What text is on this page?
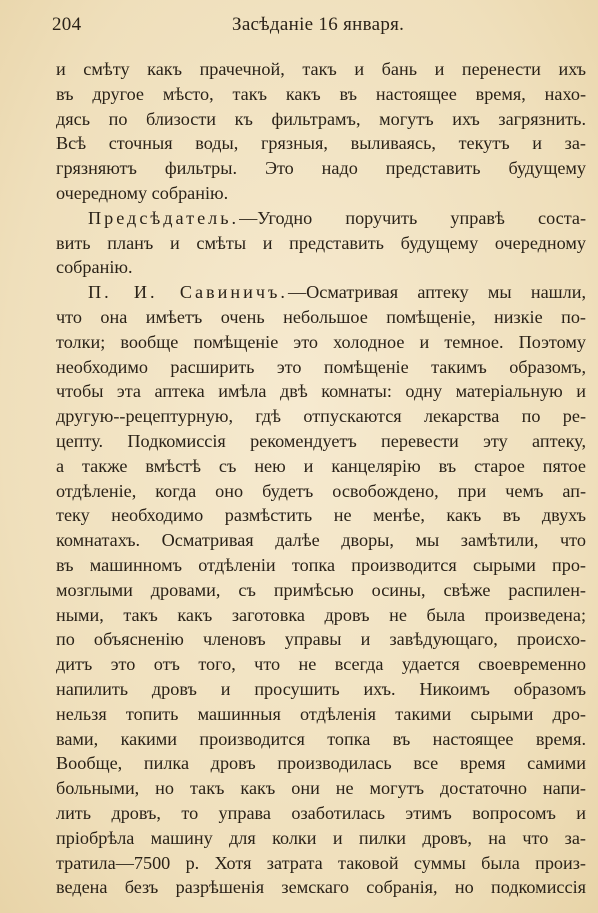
204	Засѣданіе 16 января.
и смѣту какъ прачечной, такъ и бань и перенести ихъ
въ другое мѣсто, такъ какъ въ настоящее время, нахо-
дясь по близости къ фильтрамъ, могутъ ихъ загрязнить.
Всѣ сточныя воды, грязныя, выливаясь, текутъ и за-
грязняютъ фильтры. Это надо представить будущему
очередному собранію.
Предсѣдатель.—Угодно поручить управѣ соста-
вить планъ и смѣты и представить будущему очередному
собранію.
П. И. Савиничъ.—Осматривая аптеку мы нашли,
что она имѣетъ очень небольшое помѣщеніе, низкіе по-
толки; вообще помѣщеніе это холодное и темное. Поэтому
необходимо расширить это помѣщеніе такимъ образомъ,
чтобы эта аптека имѣла двѣ комнаты: одну матеріальную и
другую--рецептурную, гдѣ отпускаются лекарства по ре-
цепту. Подкомиссія рекомендуетъ перевести эту аптеку,
а также вмѣстѣ съ нею и канцелярію въ старое пятое
отдѣленіе, когда оно будетъ освобождено, при чемъ ап-
теку необходимо размѣстить не менѣе, какъ въ двухъ
комнатахъ. Осматривая далѣе дворы, мы замѣтили, что
въ машинномъ отдѣленіи топка производится сырыми про-
мозглыми дровами, съ примѣсью осины, свѣже распилен-
ными, такъ какъ заготовка дровъ не была произведена;
по объясненію членовъ управы и завѣдующаго, происхо-
дитъ это отъ того, что не всегда удается своевременно
напилить дровъ и просушить ихъ. Никоимъ образомъ
нельзя топить машинныя отдѣленія такими сырыми дро-
вами, какими производится топка въ настоящее время.
Вообще, пилка дровъ производилась все время самими
больными, но такъ какъ они не могутъ достаточно напи-
лить дровъ, то управа озаботилась этимъ вопросомъ и
пріобрѣла машину для колки и пилки дровъ, на что за-
тратила—7500 р. Хотя затрата таковой суммы была произ-
ведена безъ разрѣшенія земскаго собранія, но подкомиссія
